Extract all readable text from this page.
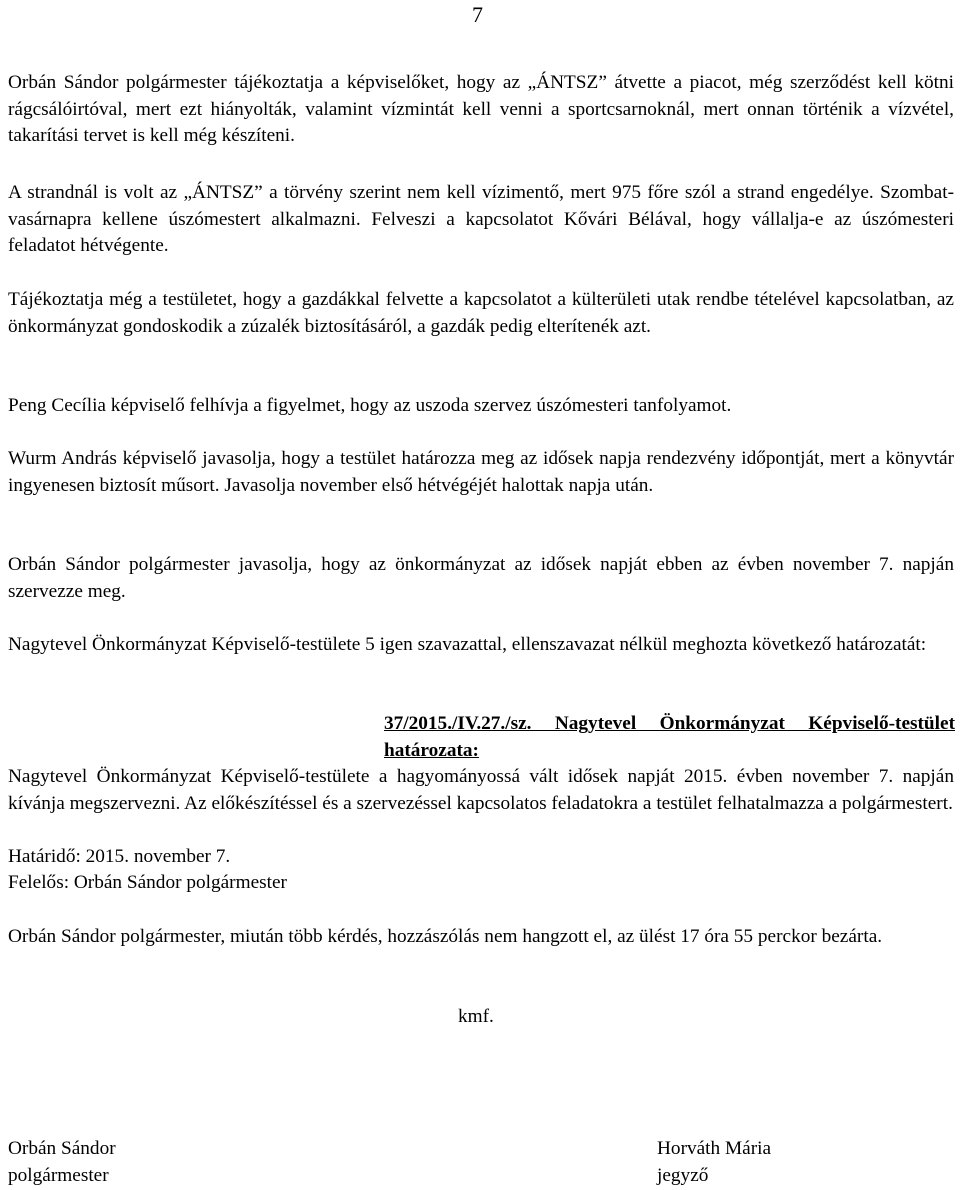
7

Orbán Sándor polgármester tájékoztatja a képviselőket, hogy az „ÁNTSZ” átvette a piacot, még szerződést kell kötni rágcsálóirtóval, mert ezt hiányolták, valamint vízmintát kell venni a sportcsarnoknál, mert onnan történik a vízvétel, takarítási tervet is kell még készíteni.

A strandnál is volt az „ÁNTSZ” a törvény szerint nem kell vízimentő, mert 975 főre szól a strand engedélye. Szombat-vasárnapra kellene úszómestert alkalmazni. Felveszi a kapcsolatot Kővári Bélával, hogy vállalja-e az úszómesteri feladatot hétvégente.

Tájékoztatja még a testületet, hogy a gazdákkal felvette a kapcsolatot a külterületi utak rendbe tételével kapcsolatban, az önkormányzat gondoskodik a zúzalék biztosításáról, a gazdák pedig elterítenék azt.

Peng Cecília képviselő felhívja a figyelmet, hogy az uszoda szervez úszómesteri tanfolyamot.

Wurm András képviselő javasolja, hogy a testület határozza meg az idősek napja rendezvény időpontját, mert a könyvtár ingyenesen biztosít műsort. Javasolja november első hétvégéjét halottak napja után.

Orbán Sándor polgármester javasolja, hogy az önkormányzat az idősek napját ebben az évben november 7. napján szervezze meg.

Nagytevel Önkormányzat Képviselő-testülete 5 igen szavazattal, ellenszavazat nélkül meghozta következő határozatát:

37/2015./IV.27./sz. Nagytevel Önkormányzat Képviselő-testület határozata:

Nagytevel Önkormányzat Képviselő-testülete a hagyományossá vált idősek napját 2015. évben november 7. napján kívánja megszervezni. Az előkészítéssel és a szervezéssel kapcsolatos feladatokra a testület felhatalmazza a polgármestert.

Határidő: 2015. november 7.

Felelős: Orbán Sándor polgármester

Orbán Sándor polgármester, miután több kérdés, hozzászólás nem hangzott el, az ülést 17 óra 55 perckor bezárta.

kmf.

Orbán Sándor
polgármester
Horváth Mária
jegyző
